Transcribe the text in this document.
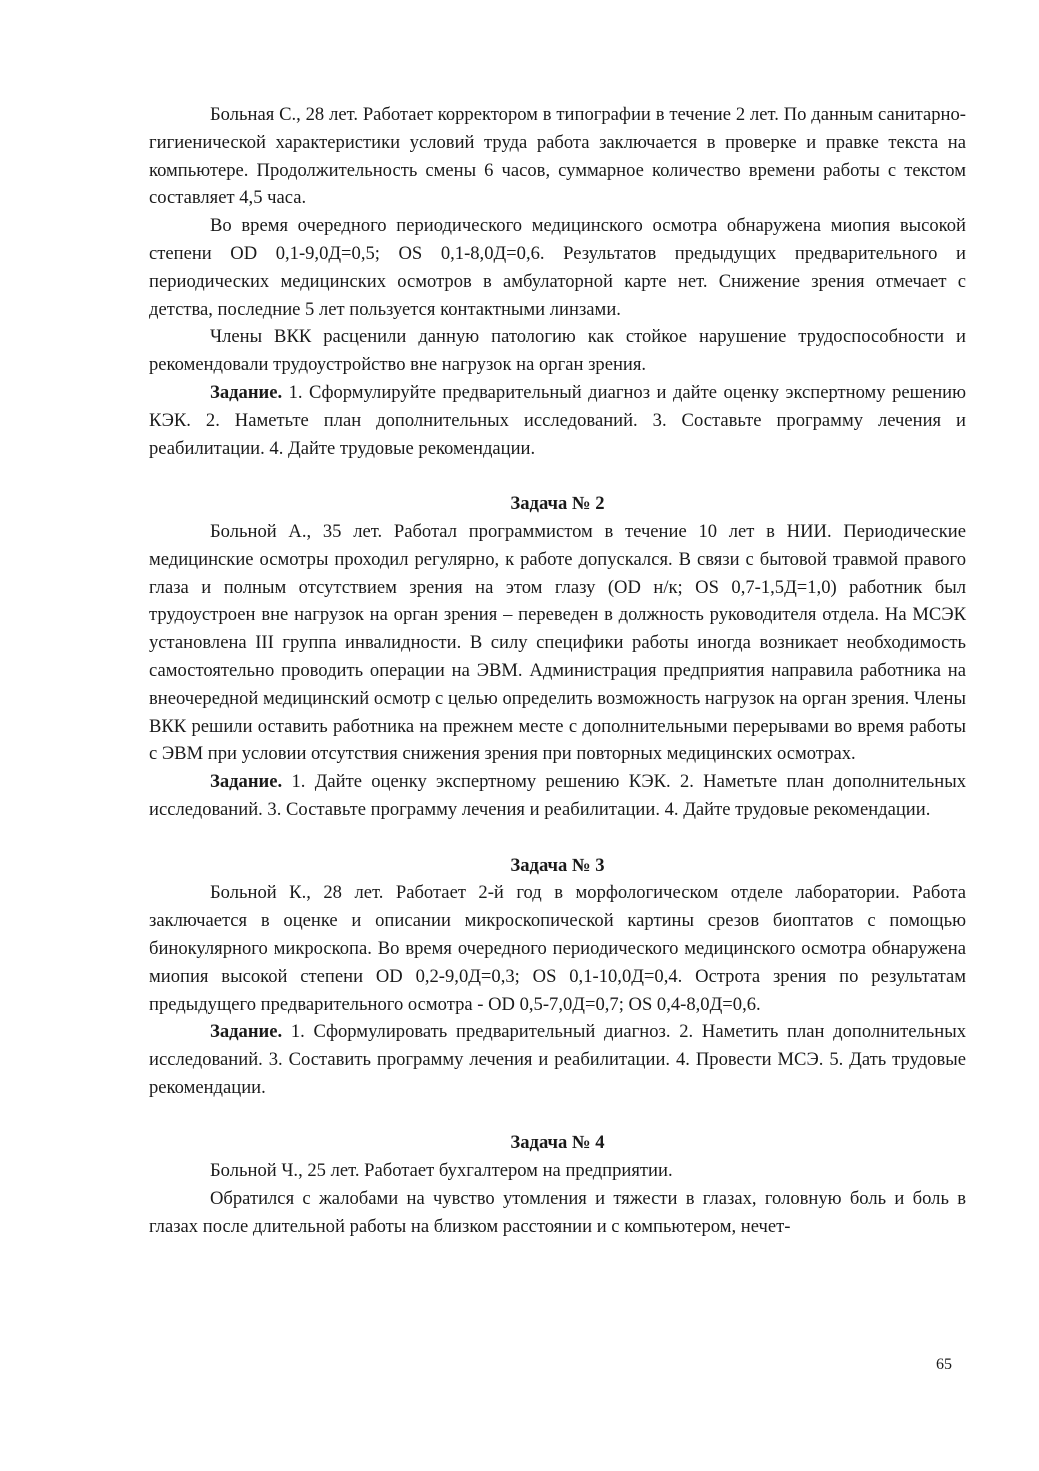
Больная С., 28 лет. Работает корректором в типографии в течение 2 лет. По данным санитарно-гигиенической характеристики условий труда работа заключается в проверке и правке текста на компьютере. Продолжительность смены 6 часов, суммарное количество времени работы с текстом составляет 4,5 часа.

Во время очередного периодического медицинского осмотра обнаружена миопия высокой степени OD 0,1-9,0Д=0,5; OS 0,1-8,0Д=0,6. Результатов предыдущих предварительного и периодических медицинских осмотров в амбулаторной карте нет. Снижение зрения отмечает с детства, последние 5 лет пользуется контактными линзами.

Члены ВКК расценили данную патологию как стойкое нарушение трудоспособности и рекомендовали трудоустройство вне нагрузок на орган зрения.

Задание. 1. Сформулируйте предварительный диагноз и дайте оценку экспертному решению КЭК. 2. Наметьте план дополнительных исследований. 3. Составьте программу лечения и реабилитации. 4. Дайте трудовые рекомендации.

Задача № 2

Больной А., 35 лет. Работал программистом в течение 10 лет в НИИ. Периодические медицинские осмотры проходил регулярно, к работе допускался. В связи с бытовой травмой правого глаза и полным отсутствием зрения на этом глазу (OD н/к; OS 0,7-1,5Д=1,0) работник был трудоустроен вне нагрузок на орган зрения – переведен в должность руководителя отдела. На МСЭК установлена III группа инвалидности. В силу специфики работы иногда возникает необходимость самостоятельно проводить операции на ЭВМ. Администрация предприятия направила работника на внеочередной медицинский осмотр с целью определить возможность нагрузок на орган зрения. Члены ВКК решили оставить работника на прежнем месте с дополнительными перерывами во время работы с ЭВМ при условии отсутствия снижения зрения при повторных медицинских осмотрах.

Задание. 1. Дайте оценку экспертному решению КЭК. 2. Наметьте план дополнительных исследований. 3. Составьте программу лечения и реабилитации. 4. Дайте трудовые рекомендации.

Задача № 3

Больной К., 28 лет. Работает 2-й год в морфологическом отделе лаборатории. Работа заключается в оценке и описании микроскопической картины срезов биоптатов с помощью бинокулярного микроскопа. Во время очередного периодического медицинского осмотра обнаружена миопия высокой степени OD 0,2-9,0Д=0,3; OS 0,1-10,0Д=0,4. Острота зрения по результатам предыдущего предварительного осмотра - OD 0,5-7,0Д=0,7; OS 0,4-8,0Д=0,6.

Задание. 1. Сформулировать предварительный диагноз. 2. Наметить план дополнительных исследований. 3. Составить программу лечения и реабилитации. 4. Провести МСЭ. 5. Дать трудовые рекомендации.

Задача № 4

Больной Ч., 25 лет. Работает бухгалтером на предприятии.

Обратился с жалобами на чувство утомления и тяжести в глазах, головную боль и боль в глазах после длительной работы на близком расстоянии и с компьютером, нечет-

65
